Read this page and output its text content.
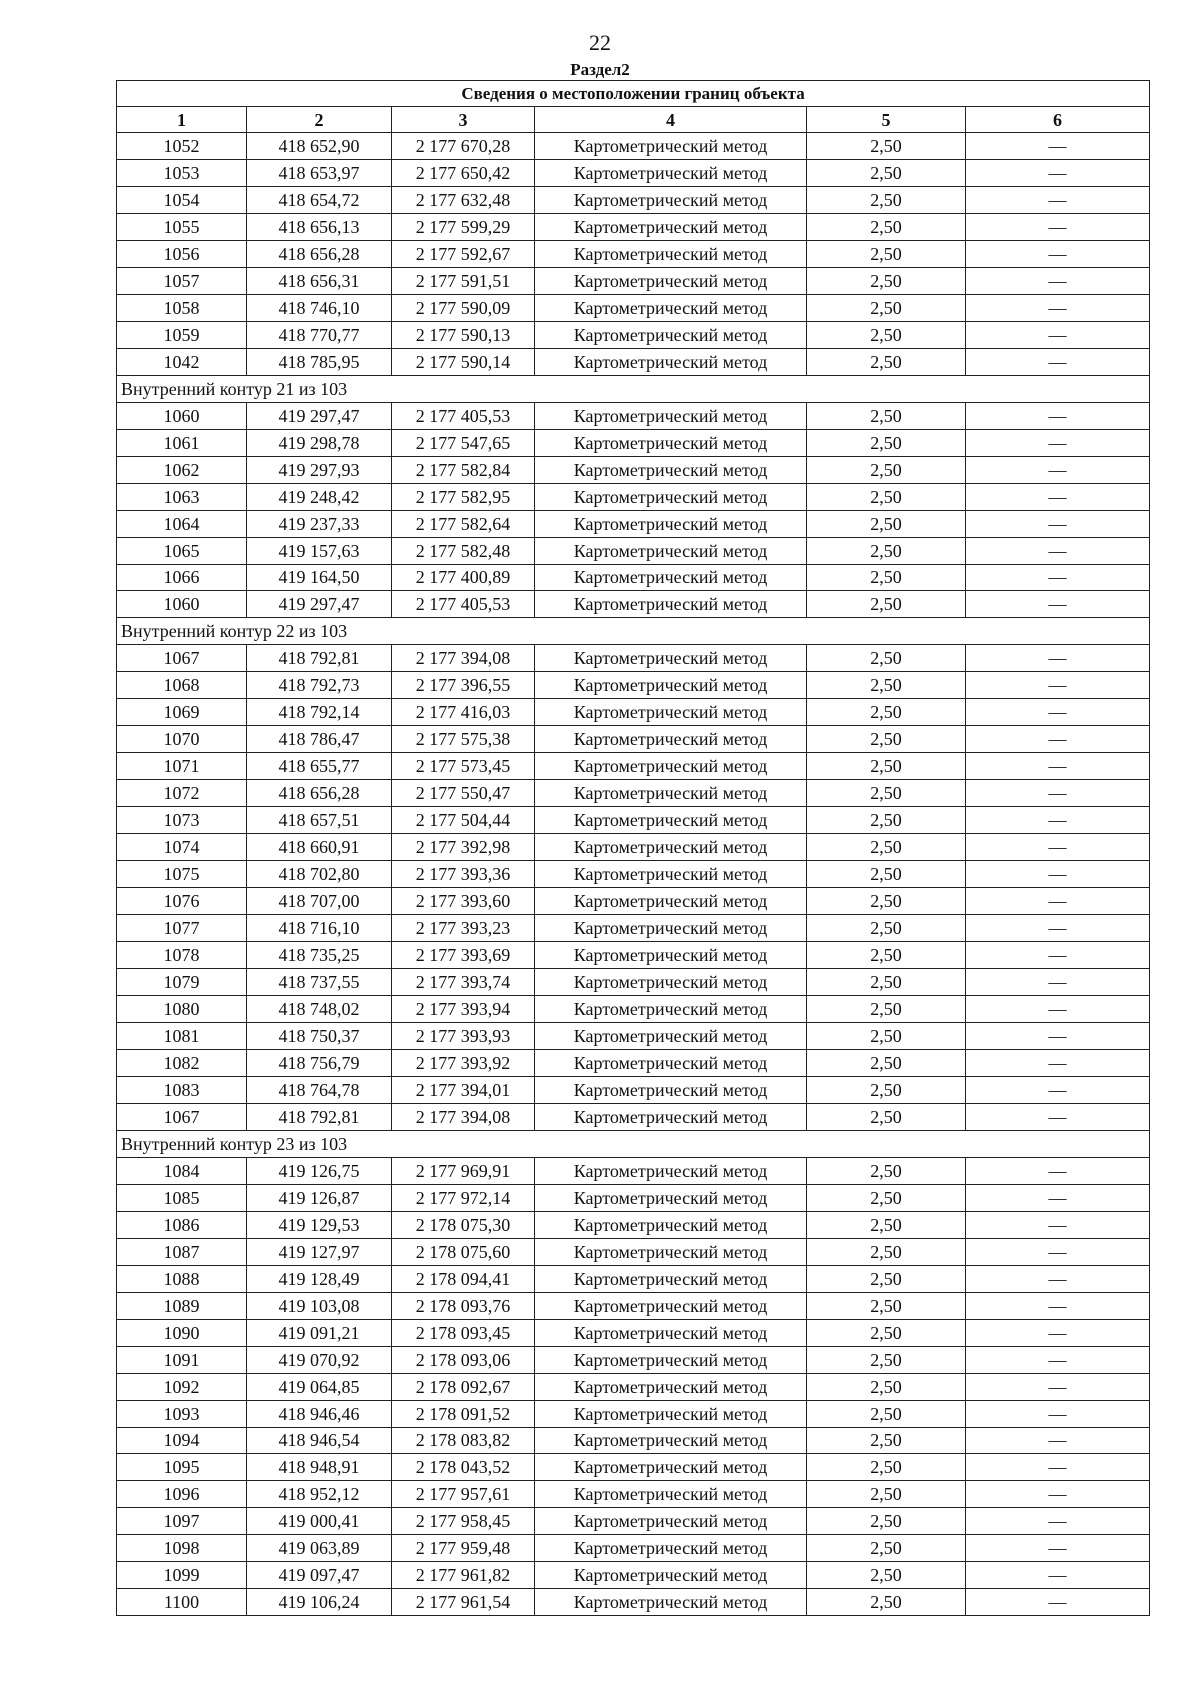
22
Раздел2
Сведения о местоположении границ объекта					
1	2	3	4	5	6
1052	418 652,90	2 177 670,28	Картометрический метод	2,50	—
1053	418 653,97	2 177 650,42	Картометрический метод	2,50	—
1054	418 654,72	2 177 632,48	Картометрический метод	2,50	—
1055	418 656,13	2 177 599,29	Картометрический метод	2,50	—
1056	418 656,28	2 177 592,67	Картометрический метод	2,50	—
1057	418 656,31	2 177 591,51	Картометрический метод	2,50	—
1058	418 746,10	2 177 590,09	Картометрический метод	2,50	—
1059	418 770,77	2 177 590,13	Картометрический метод	2,50	—
1042	418 785,95	2 177 590,14	Картометрический метод	2,50	—
Внутренний контур 21 из 103					
1060	419 297,47	2 177 405,53	Картометрический метод	2,50	—
1061	419 298,78	2 177 547,65	Картометрический метод	2,50	—
1062	419 297,93	2 177 582,84	Картометрический метод	2,50	—
1063	419 248,42	2 177 582,95	Картометрический метод	2,50	—
1064	419 237,33	2 177 582,64	Картометрический метод	2,50	—
1065	419 157,63	2 177 582,48	Картометрический метод	2,50	—
1066	419 164,50	2 177 400,89	Картометрический метод	2,50	—
1060	419 297,47	2 177 405,53	Картометрический метод	2,50	—
Внутренний контур 22 из 103					
1067	418 792,81	2 177 394,08	Картометрический метод	2,50	—
1068	418 792,73	2 177 396,55	Картометрический метод	2,50	—
1069	418 792,14	2 177 416,03	Картометрический метод	2,50	—
1070	418 786,47	2 177 575,38	Картометрический метод	2,50	—
1071	418 655,77	2 177 573,45	Картометрический метод	2,50	—
1072	418 656,28	2 177 550,47	Картометрический метод	2,50	—
1073	418 657,51	2 177 504,44	Картометрический метод	2,50	—
1074	418 660,91	2 177 392,98	Картометрический метод	2,50	—
1075	418 702,80	2 177 393,36	Картометрический метод	2,50	—
1076	418 707,00	2 177 393,60	Картометрический метод	2,50	—
1077	418 716,10	2 177 393,23	Картометрический метод	2,50	—
1078	418 735,25	2 177 393,69	Картометрический метод	2,50	—
1079	418 737,55	2 177 393,74	Картометрический метод	2,50	—
1080	418 748,02	2 177 393,94	Картометрический метод	2,50	—
1081	418 750,37	2 177 393,93	Картометрический метод	2,50	—
1082	418 756,79	2 177 393,92	Картометрический метод	2,50	—
1083	418 764,78	2 177 394,01	Картометрический метод	2,50	—
1067	418 792,81	2 177 394,08	Картометрический метод	2,50	—
Внутренний контур 23 из 103					
1084	419 126,75	2 177 969,91	Картометрический метод	2,50	—
1085	419 126,87	2 177 972,14	Картометрический метод	2,50	—
1086	419 129,53	2 178 075,30	Картометрический метод	2,50	—
1087	419 127,97	2 178 075,60	Картометрический метод	2,50	—
1088	419 128,49	2 178 094,41	Картометрический метод	2,50	—
1089	419 103,08	2 178 093,76	Картометрический метод	2,50	—
1090	419 091,21	2 178 093,45	Картометрический метод	2,50	—
1091	419 070,92	2 178 093,06	Картометрический метод	2,50	—
1092	419 064,85	2 178 092,67	Картометрический метод	2,50	—
1093	418 946,46	2 178 091,52	Картометрический метод	2,50	—
1094	418 946,54	2 178 083,82	Картометрический метод	2,50	—
1095	418 948,91	2 178 043,52	Картометрический метод	2,50	—
1096	418 952,12	2 177 957,61	Картометрический метод	2,50	—
1097	419 000,41	2 177 958,45	Картометрический метод	2,50	—
1098	419 063,89	2 177 959,48	Картометрический метод	2,50	—
1099	419 097,47	2 177 961,82	Картометрический метод	2,50	—
1100	419 106,24	2 177 961,54	Картометрический метод	2,50	—
